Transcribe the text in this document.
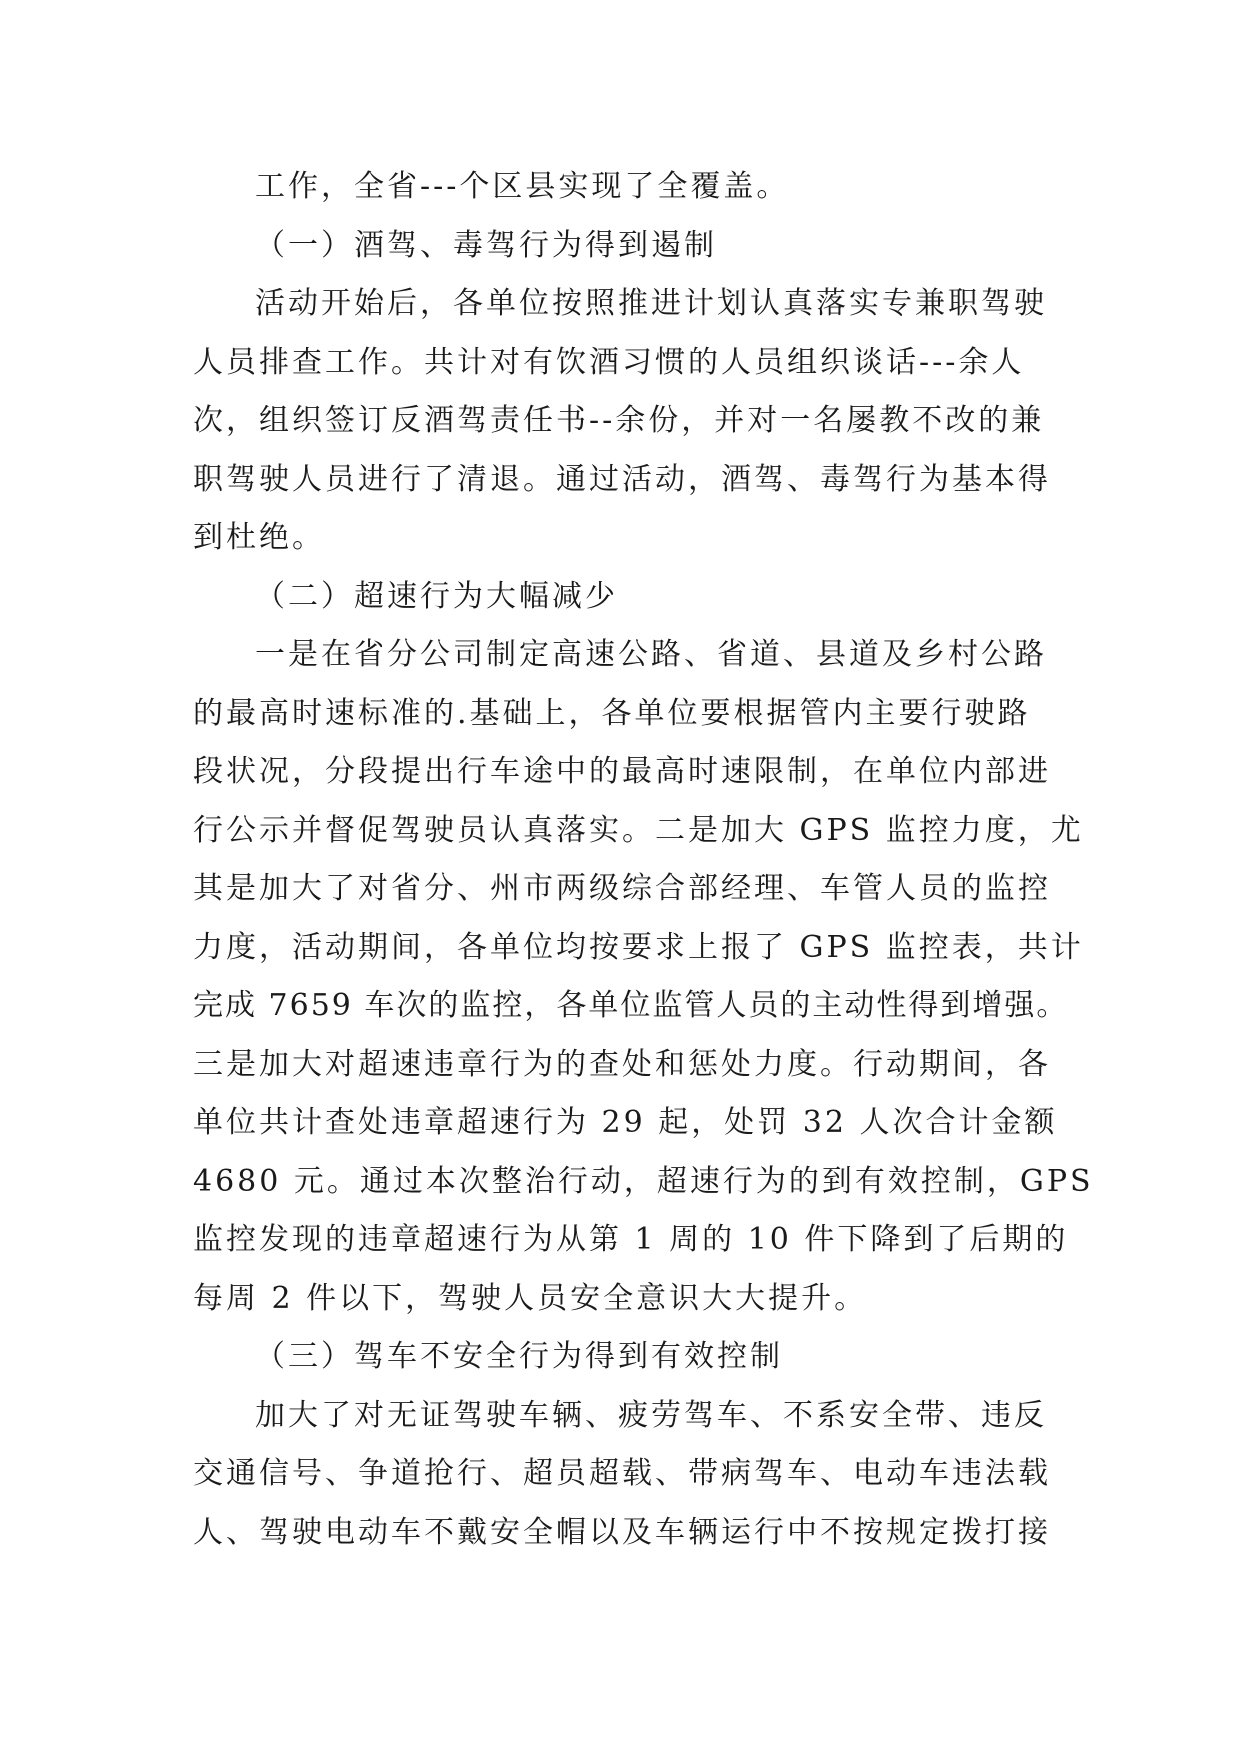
工作，全省---个区县实现了全覆盖。
（一）酒驾、毒驾行为得到遏制
活动开始后，各单位按照推进计划认真落实专兼职驾驶
人员排查工作。共计对有饮酒习惯的人员组织谈话---余人
次，组织签订反酒驾责任书--余份，并对一名屡教不改的兼
职驾驶人员进行了清退。通过活动，酒驾、毒驾行为基本得
到杜绝。
（二）超速行为大幅减少
一是在省分公司制定高速公路、省道、县道及乡村公路
的最高时速标准的.基础上，各单位要根据管内主要行驶路
段状况，分段提出行车途中的最高时速限制，在单位内部进
行公示并督促驾驶员认真落实。二是加大 GPS 监控力度，尤
其是加大了对省分、州市两级综合部经理、车管人员的监控
力度，活动期间，各单位均按要求上报了 GPS 监控表，共计
完成 7659 车次的监控，各单位监管人员的主动性得到增强。
三是加大对超速违章行为的查处和惩处力度。行动期间，各
单位共计查处违章超速行为 29 起，处罚 32 人次合计金额
4680 元。通过本次整治行动，超速行为的到有效控制，GPS
监控发现的违章超速行为从第 1 周的 10 件下降到了后期的
每周 2 件以下，驾驶人员安全意识大大提升。
（三）驾车不安全行为得到有效控制
加大了对无证驾驶车辆、疲劳驾车、不系安全带、违反
交通信号、争道抢行、超员超载、带病驾车、电动车违法载
人、驾驶电动车不戴安全帽以及车辆运行中不按规定拨打接
